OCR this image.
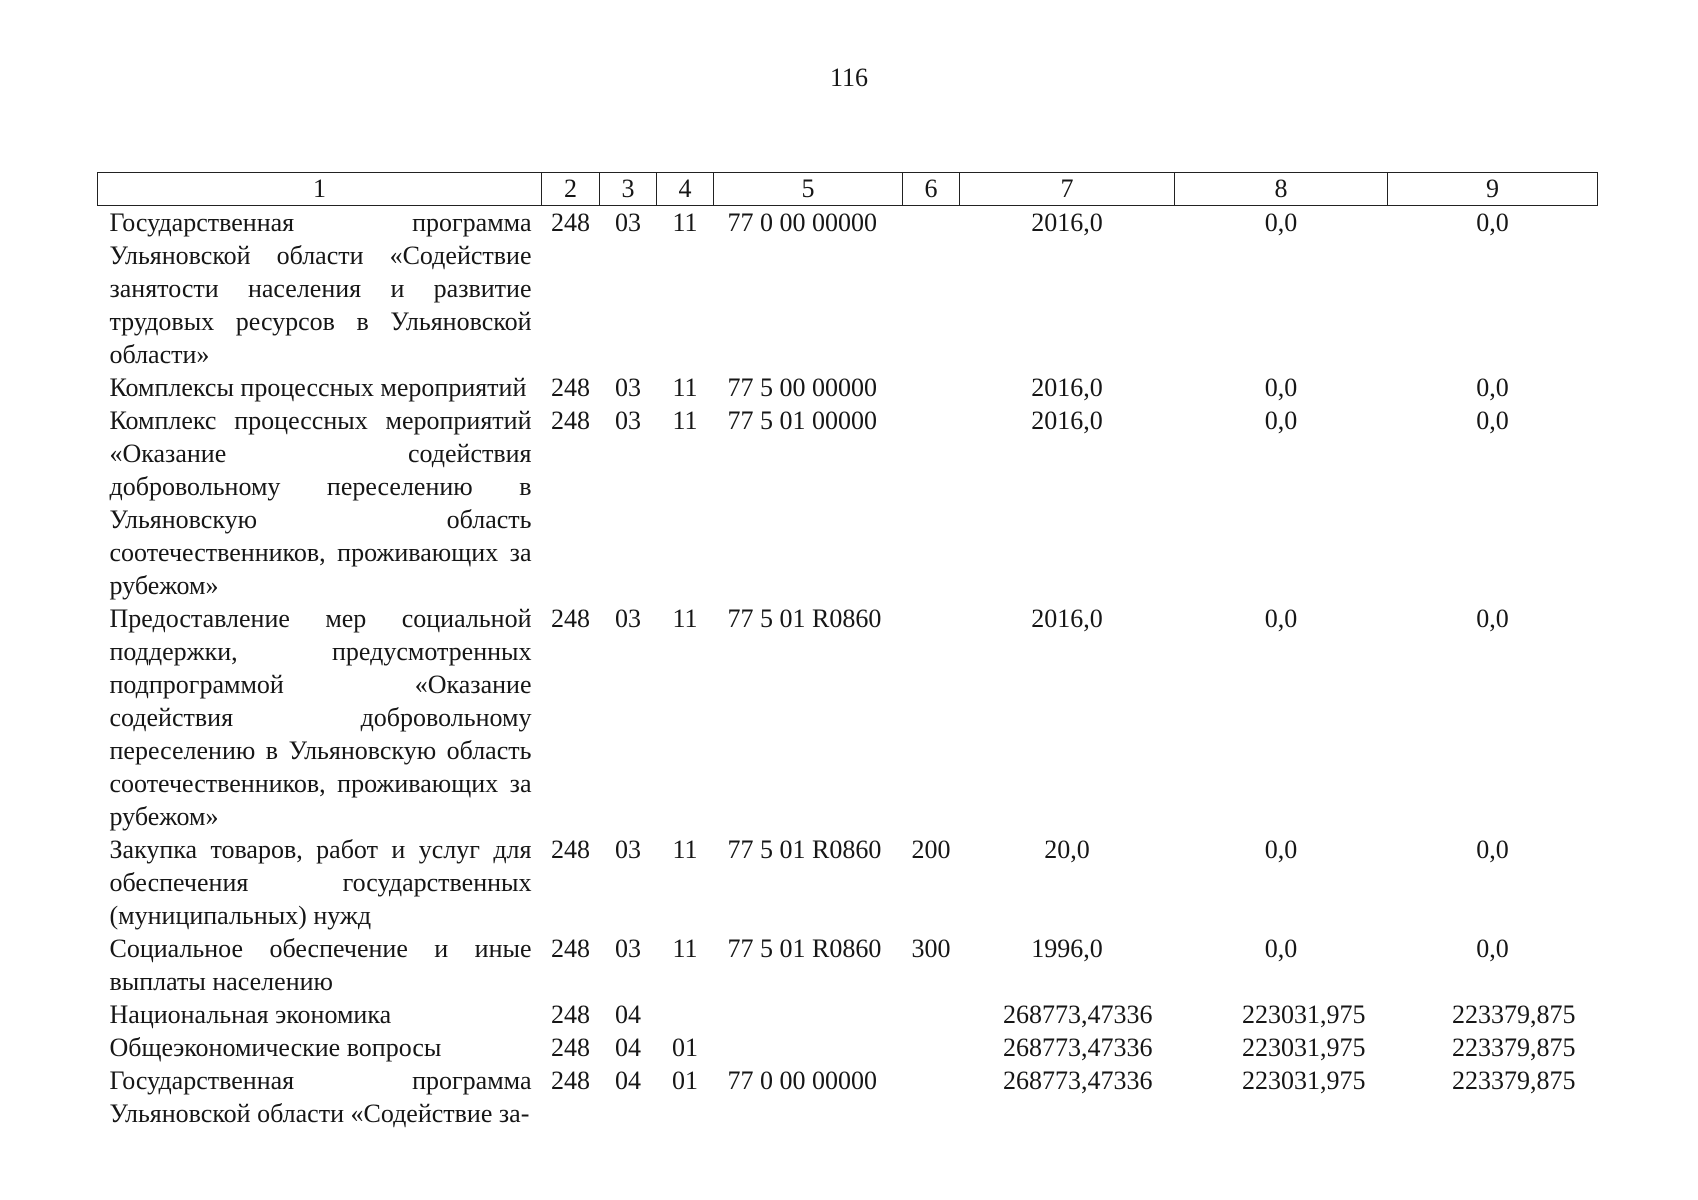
116
1	2	3	4	5	6	7	8	9
Государственная программа Ульяновской области «Содействие занятости населения и развитие трудовых ресурсов в Ульяновской области»	248	03	11	77 0 00 00000		2016,0	0,0	0,0
Комплексы процессных мероприятий	248	03	11	77 5 00 00000		2016,0	0,0	0,0
Комплекс процессных мероприятий «Оказание содействия добровольному переселению в Ульяновскую область соотечественников, проживающих за рубежом»	248	03	11	77 5 01 00000		2016,0	0,0	0,0
Предоставление мер социальной поддержки, предусмотренных подпрограммой «Оказание содействия добровольному переселению в Ульяновскую область соотечественников, проживающих за рубежом»	248	03	11	77 5 01 R0860		2016,0	0,0	0,0
Закупка товаров, работ и услуг для обеспечения государственных (муниципальных) нужд	248	03	11	77 5 01 R0860	200	20,0	0,0	0,0
Социальное обеспечение и иные выплаты населению	248	03	11	77 5 01 R0860	300	1996,0	0,0	0,0
Национальная экономика	248	04				268773,47336	223031,975	223379,875
Общеэкономические вопросы	248	04	01			268773,47336	223031,975	223379,875
Государственная программа Ульяновской области «Содействие за-	248	04	01	77 0 00 00000		268773,47336	223031,975	223379,875
